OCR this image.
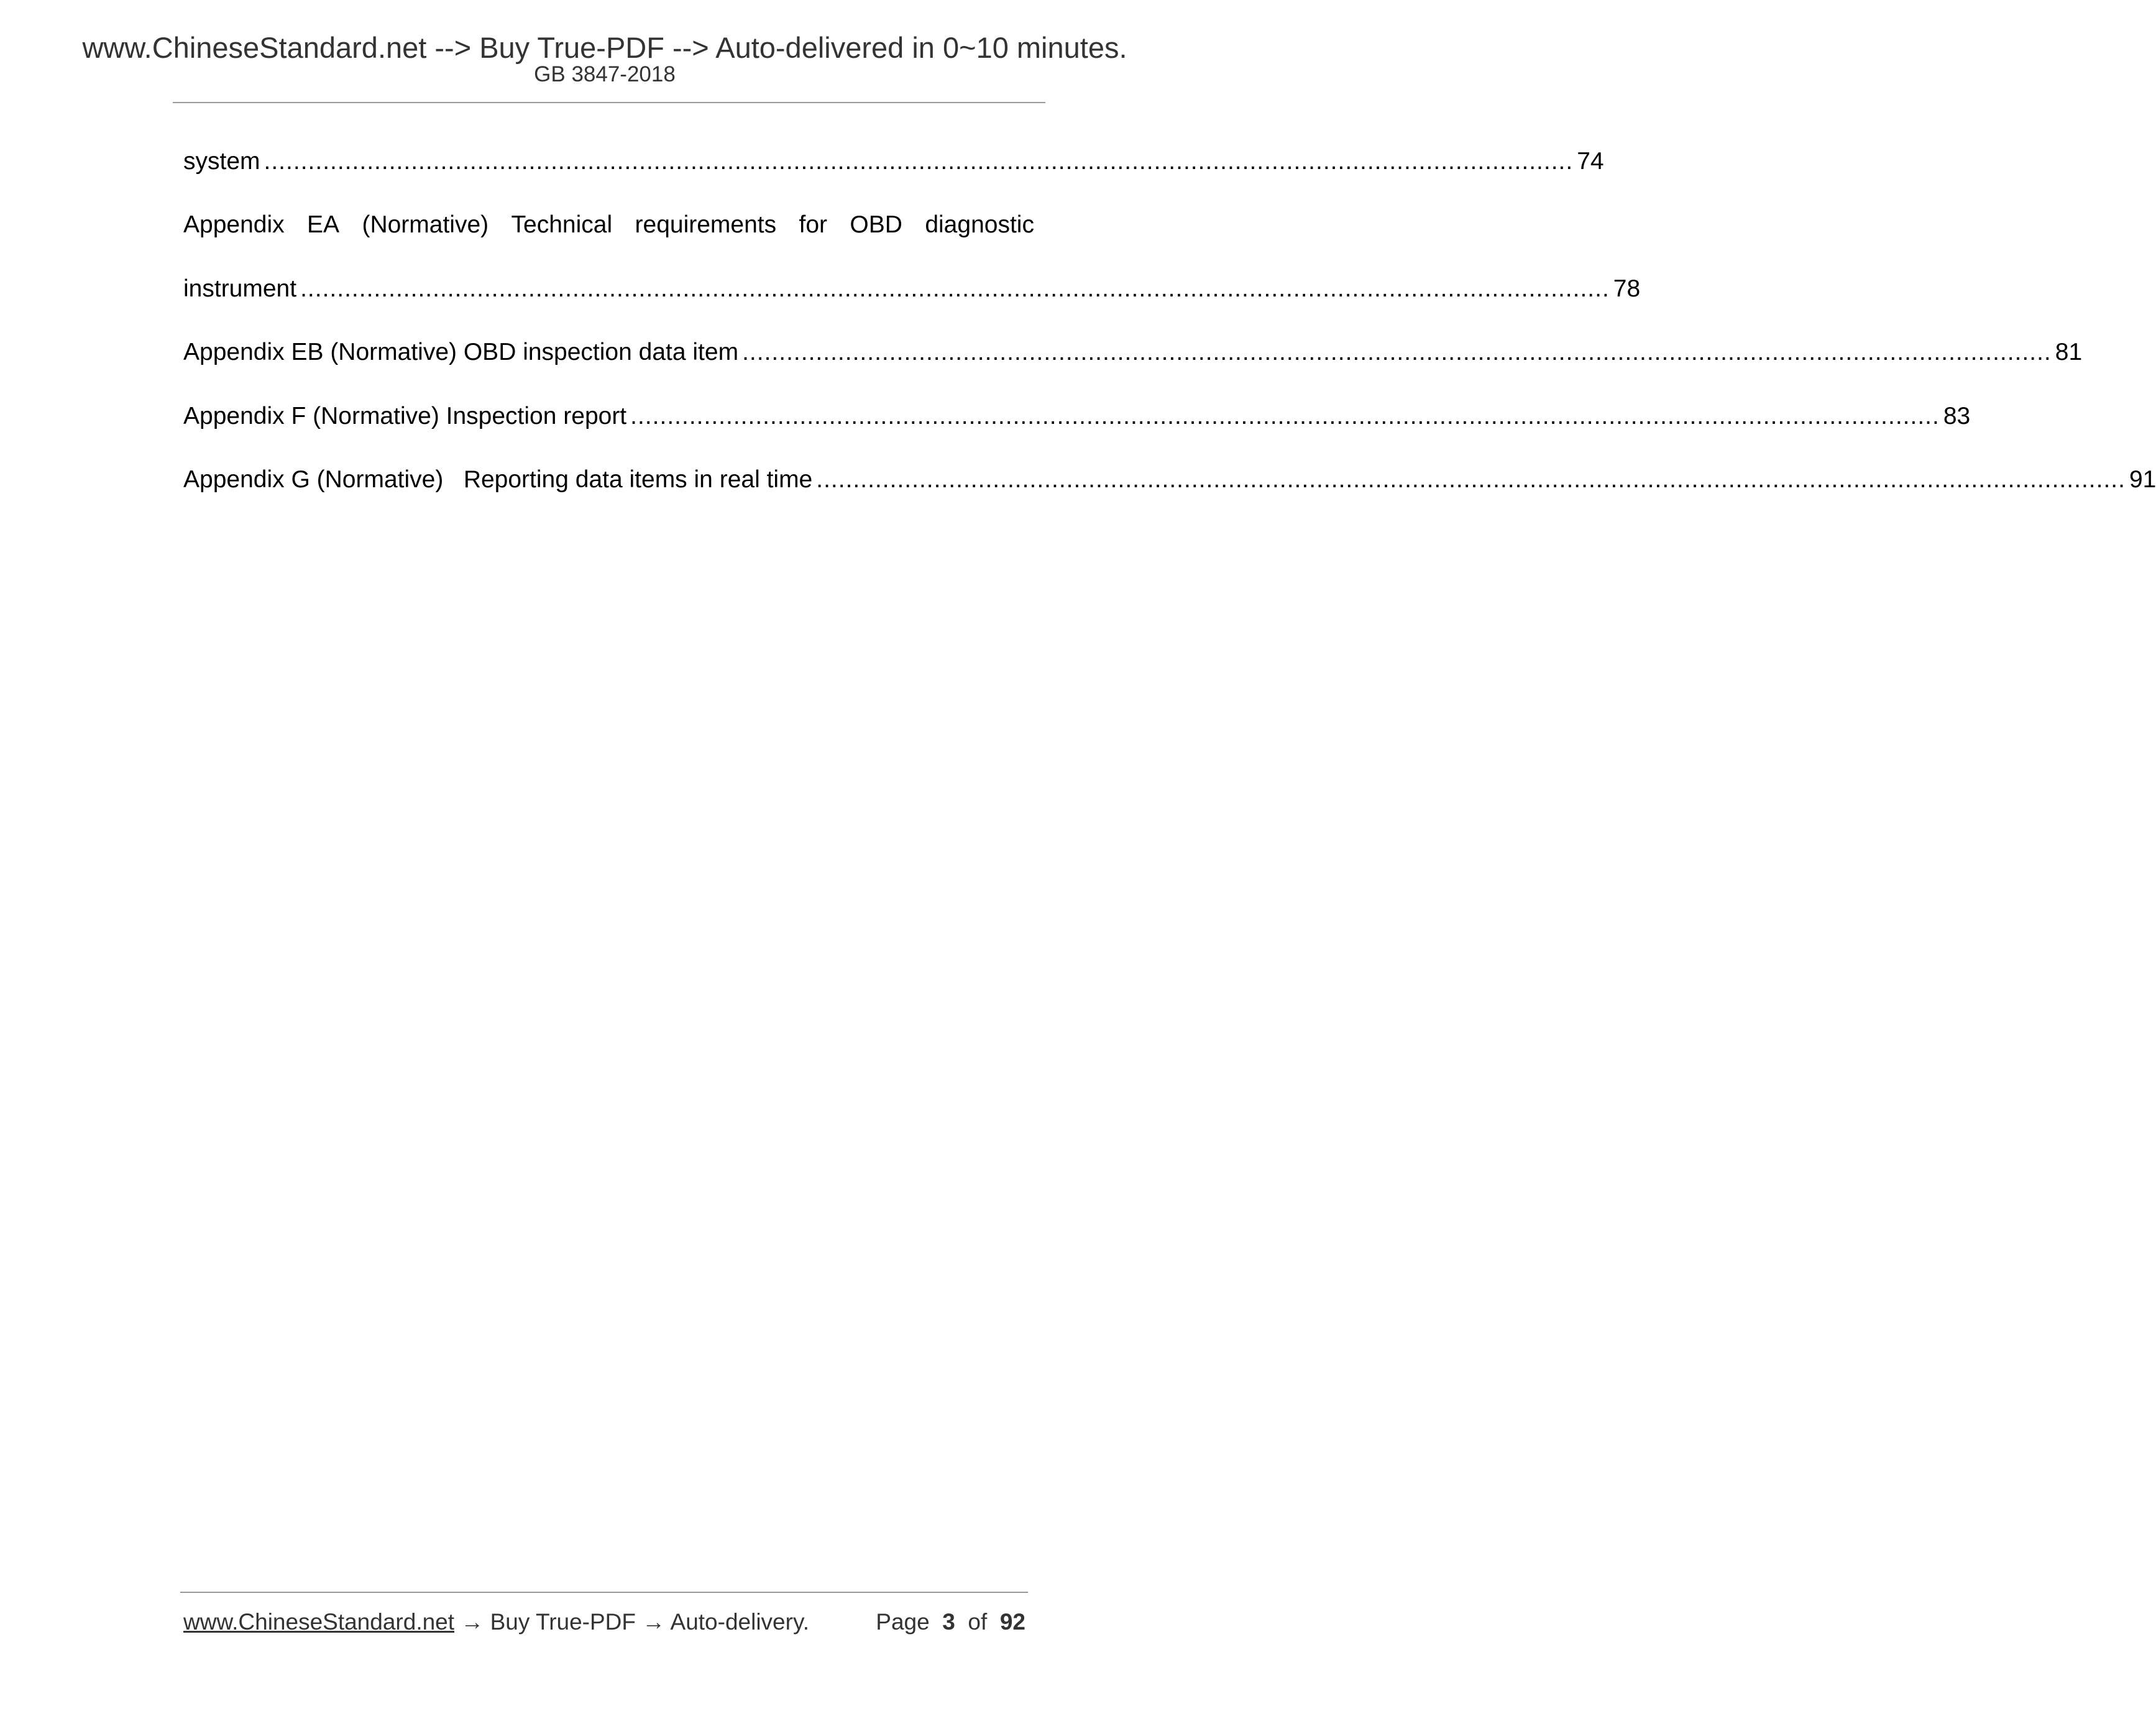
www.ChineseStandard.net --> Buy True-PDF --> Auto-delivered in 0~10 minutes.
GB 3847-2018
system .................................................................................................................................................................................. 74
Appendix EA (Normative) Technical requirements for OBD diagnostic
instrument .................................................................................................................................................................................. 78
Appendix EB (Normative) OBD inspection data item .................................................................................................................................................................................. 81
Appendix F (Normative) Inspection report .................................................................................................................................................................................. 83
Appendix G (Normative)   Reporting data items in real time .................................................................................................................................................................................. 91
www.ChineseStandard.net → Buy True-PDF → Auto-delivery.	Page 3 of 92
